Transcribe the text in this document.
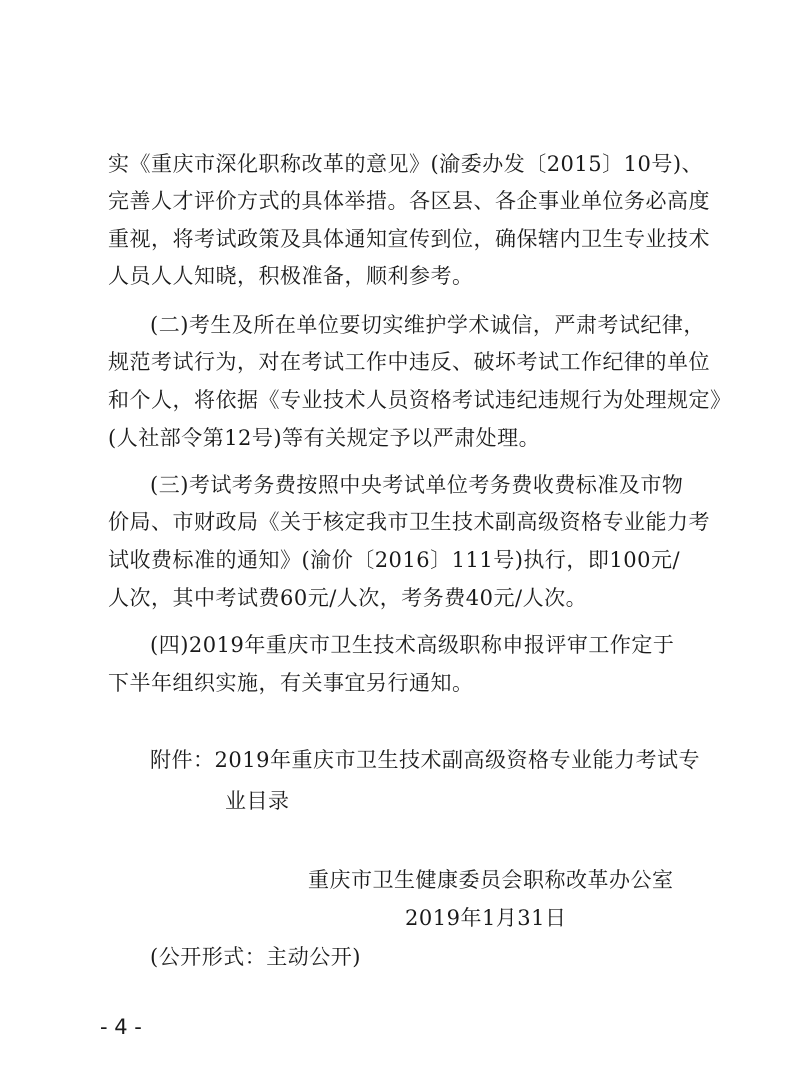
实《重庆市深化职称改革的意见》(渝委办发〔2015〕10号)、
完善人才评价方式的具体举措。各区县、各企事业单位务必高度
重视，将考试政策及具体通知宣传到位，确保辖内卫生专业技术
人员人人知晓，积极准备，顺利参考。
(二)考生及所在单位要切实维护学术诚信，严肃考试纪律，
规范考试行为，对在考试工作中违反、破坏考试工作纪律的单位
和个人，将依据《专业技术人员资格考试违纪违规行为处理规定》
(人社部令第12号)等有关规定予以严肃处理。
(三)考试考务费按照中央考试单位考务费收费标准及市物
价局、市财政局《关于核定我市卫生技术副高级资格专业能力考
试收费标准的通知》(渝价〔2016〕111号)执行，即100元/
人次，其中考试费60元/人次，考务费40元/人次。
(四)2019年重庆市卫生技术高级职称申报评审工作定于
下半年组织实施，有关事宜另行通知。
附件：2019年重庆市卫生技术副高级资格专业能力考试专
业目录
重庆市卫生健康委员会职称改革办公室
2019年1月31日
(公开形式：主动公开)
- 4 -
